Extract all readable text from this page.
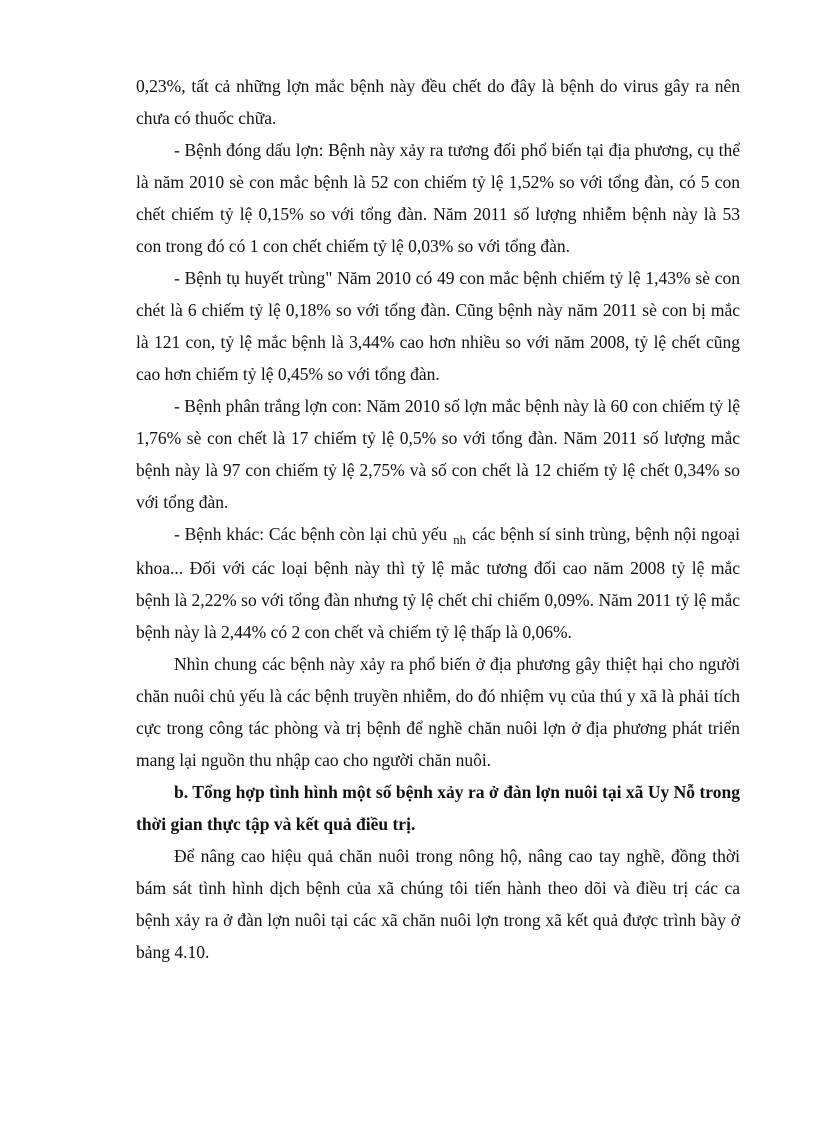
0,23%, tất cả những lợn mắc bệnh này đều chết do đây là bệnh do virus gây ra nên chưa có thuốc chữa.

- Bệnh đóng dấu lợn: Bệnh này xảy ra tương đối phổ biến tại địa phương, cụ thể là năm 2010 sè con mắc bệnh là 52 con chiếm tỷ lệ 1,52% so với tổng đàn, có 5 con chết chiếm tỷ lệ 0,15% so với tổng đàn. Năm 2011 số lượng nhiễm bệnh này là 53 con trong đó có 1 con chết chiếm tỷ lệ 0,03% so với tổng đàn.

- Bệnh tụ huyết trùng" Năm 2010 có 49 con mắc bệnh chiếm tỷ lệ 1,43% sè con chét là 6 chiếm tỷ lệ 0,18% so với tổng đàn. Cũng bệnh này năm 2011 sè con bị mắc là 121 con, tỷ lệ mắc bệnh là 3,44% cao hơn nhiều so với năm 2008, tỷ lệ chết cũng cao hơn chiếm tỷ lệ 0,45% so với tổng đàn.

- Bệnh phân trắng lợn con: Năm 2010 số lợn mắc bệnh này là 60 con chiếm tỷ lệ 1,76% sè con chết là 17 chiếm tỷ lệ 0,5% so với tổng đàn. Năm 2011 số lượng mắc bệnh này là 97 con chiếm tỷ lệ 2,75% và số con chết là 12 chiếm tỷ lệ chết 0,34% so với tổng đàn.

- Bệnh khác: Các bệnh còn lại chủ yếu $_{nh}$ các bệnh sí sinh trùng, bệnh nội ngoại khoa... Đối với các loại bệnh này thì tỷ lệ mắc tương đối cao năm 2008 tỷ lệ mắc bệnh là 2,22% so với tổng đàn nhưng tỷ lệ chết chỉ chiếm 0,09%. Năm 2011 tỷ lệ mắc bệnh này là 2,44% có 2 con chết và chiếm tỷ lệ thấp là 0,06%.

Nhìn chung các bệnh này xảy ra phổ biến ở địa phương gây thiệt hại cho người chăn nuôi chủ yếu là các bệnh truyền nhiễm, do đó nhiệm vụ của thú y xã là phải tích cực trong công tác phòng và trị bệnh để nghề chăn nuôi lợn ở địa phương phát triển mang lại nguồn thu nhập cao cho người chăn nuôi.

b. Tổng hợp tình hình một số bệnh xảy ra ở đàn lợn nuôi tại xã Uy Nỗ trong thời gian thực tập và kết quả điều trị.

Để nâng cao hiệu quả chăn nuôi trong nông hộ, nâng cao tay nghề, đồng thời bám sát tình hình dịch bệnh của xã chúng tôi tiến hành theo dõi và điều trị các ca bệnh xảy ra ở đàn lợn nuôi tại các xã chăn nuôi lợn trong xã kết quả được trình bày ở bảng 4.10.
